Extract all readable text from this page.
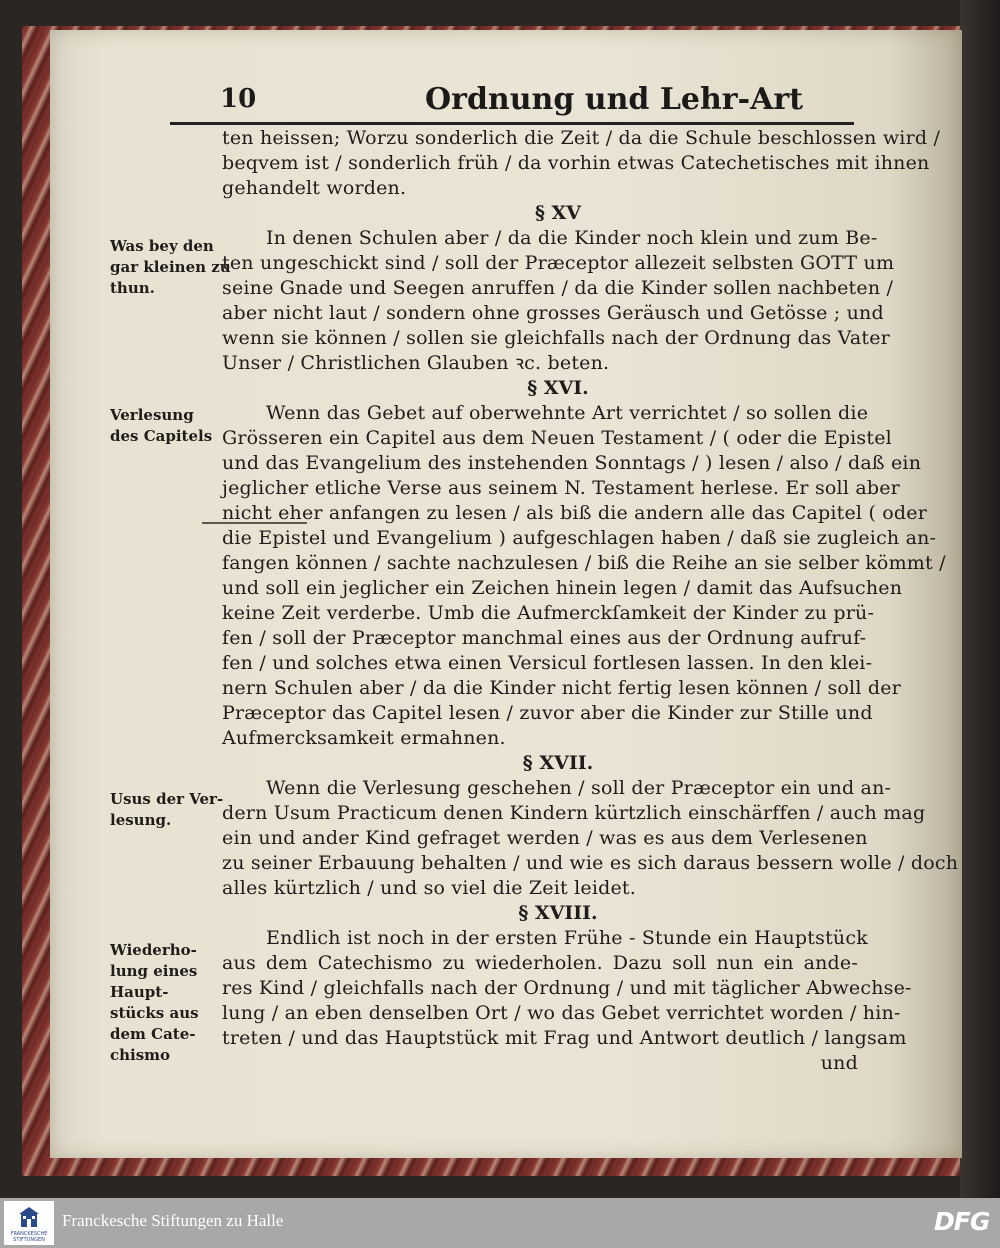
10	Ordnung und Lehr-Art
ten heissen; Worzu sonderlich die Zeit / da die Schule beschlossen wird /
beqvem ist / sonderlich früh / da vorhin etwas Catechetisches mit ihnen
gehandelt worden.
§ XV
In denen Schulen aber / da die Kinder noch klein und zum Be-
ten ungeschickt sind / soll der Præceptor allezeit selbsten GOTT um
seine Gnade und Seegen anruffen / da die Kinder sollen nachbeten /
aber nicht laut / sondern ohne grosses Geräusch und Getösse ; und
wenn sie können / sollen sie gleichfalls nach der Ordnung das Vater
Unser / Christlichen Glauben ꝛc. beten.
§ XVI.
Wenn das Gebet auf oberwehnte Art verrichtet / so sollen die
Grösseren ein Capitel aus dem Neuen Testament / ( oder die Epistel
und das Evangelium des instehenden Sonntags / ) lesen / also / daß ein
jeglicher etliche Verse aus seinem N. Testament herlese. Er soll aber
nicht eher anfangen zu lesen / als biß die andern alle das Capitel ( oder
die Epistel und Evangelium ) aufgeschlagen haben / daß sie zugleich an-
fangen können / sachte nachzulesen / biß die Reihe an sie selber kömmt /
und soll ein jeglicher ein Zeichen hinein legen / damit das Aufsuchen
keine Zeit verderbe. Umb die Aufmerckſamkeit der Kinder zu prü-
fen / soll der Præceptor manchmal eines aus der Ordnung aufruf-
fen / und solches etwa einen Versicul fortlesen lassen. In den klei-
nern Schulen aber / da die Kinder nicht fertig lesen können / soll der
Præceptor das Capitel lesen / zuvor aber die Kinder zur Stille und
Aufmercksamkeit ermahnen.
§ XVII.
Wenn die Verlesung geschehen / soll der Præceptor ein und an-
dern Usum Practicum denen Kindern kürtzlich einschärffen / auch mag
ein und ander Kind gefraget werden / was es aus dem Verlesenen
zu seiner Erbauung behalten / und wie es sich daraus bessern wolle / doch
alles kürtzlich / und so viel die Zeit leidet.
§ XVIII.
Endlich ist noch in der ersten Frühe - Stunde ein Hauptstück
aus dem Catechismo zu wiederholen. Dazu soll nun ein ande-
res Kind / gleichfalls nach der Ordnung / und mit täglicher Abwechse-
lung / an eben denselben Ort / wo das Gebet verrichtet worden / hin-
treten / und das Hauptstück mit Frag und Antwort deutlich / langsam
und
Was bey den
gar kleinen zu
thun.
Verlesung
des Capitels
Usus der Ver-
lesung.
Wiederho-
lung eines
Haupt-
stücks aus
dem Cate-
chismo
FRANCKESCHE STIFTUNGEN
Franckesche Stiftungen zu Halle	DFG
